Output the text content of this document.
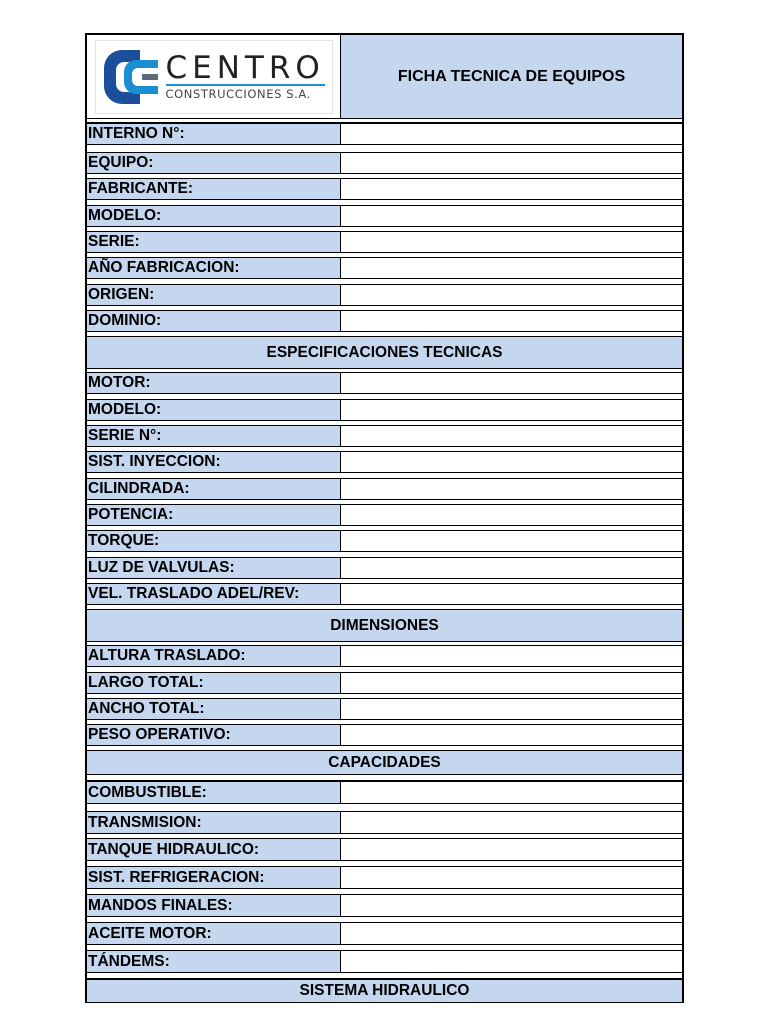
CENTRO
CONSTRUCCIONES S.A.
FICHA TECNICA DE EQUIPOS
INTERNO N°:
EQUIPO:
FABRICANTE:
MODELO:
SERIE:
AÑO FABRICACION:
ORIGEN:
DOMINIO:
ESPECIFICACIONES TECNICAS
MOTOR:
MODELO:
SERIE N°:
SIST. INYECCION:
CILINDRADA:
POTENCIA:
TORQUE:
LUZ DE VALVULAS:
VEL. TRASLADO ADEL/REV:
DIMENSIONES
ALTURA TRASLADO:
LARGO TOTAL:
ANCHO TOTAL:
PESO OPERATIVO:
CAPACIDADES
COMBUSTIBLE:
TRANSMISION:
TANQUE HIDRAULICO:
SIST. REFRIGERACION:
MANDOS FINALES:
ACEITE MOTOR:
TÁNDEMS:
SISTEMA HIDRAULICO
